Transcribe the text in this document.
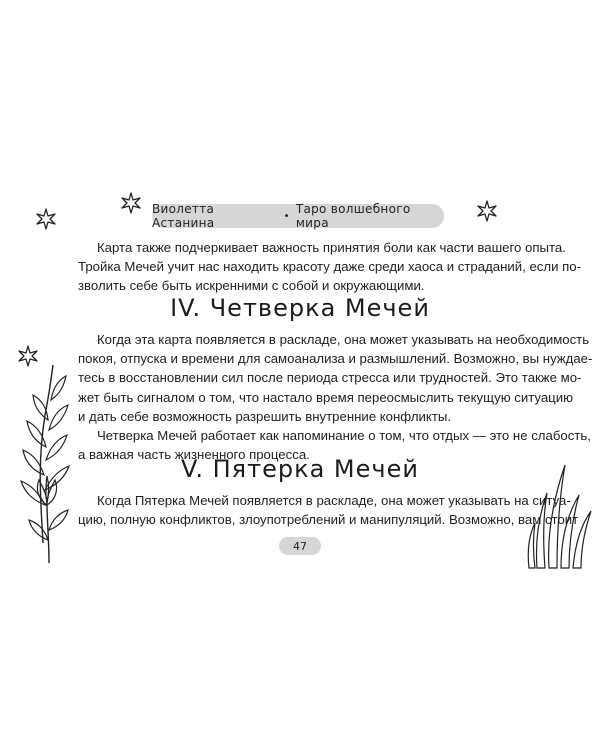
Виолетта Астанина	• Таро волшебного мира

Карта также подчеркивает важность принятия боли как части вашего опыта.
Тройка Мечей учит нас находить красоту даже среди хаоса и страданий, если по-
зволить себе быть искренними с собой и окружающими.

IV. Четверка Мечей

Когда эта карта появляется в раскладе, она может указывать на необходимость
покоя, отпуска и времени для самоанализа и размышлений. Возможно, вы нуждае-
тесь в восстановлении сил после периода стресса или трудностей. Это также мо-
жет быть сигналом о том, что настало время переосмыслить текущую ситуацию
и дать себе возможность разрешить внутренние конфликты.

Четверка Мечей работает как напоминание о том, что отдых — это не слабость,
а важная часть жизненного процесса.

V. Пятерка Мечей

Когда Пятерка Мечей появляется в раскладе, она может указывать на ситуа-
цию, полную конфликтов, злоупотреблений и манипуляций. Возможно, вам стоит

47
